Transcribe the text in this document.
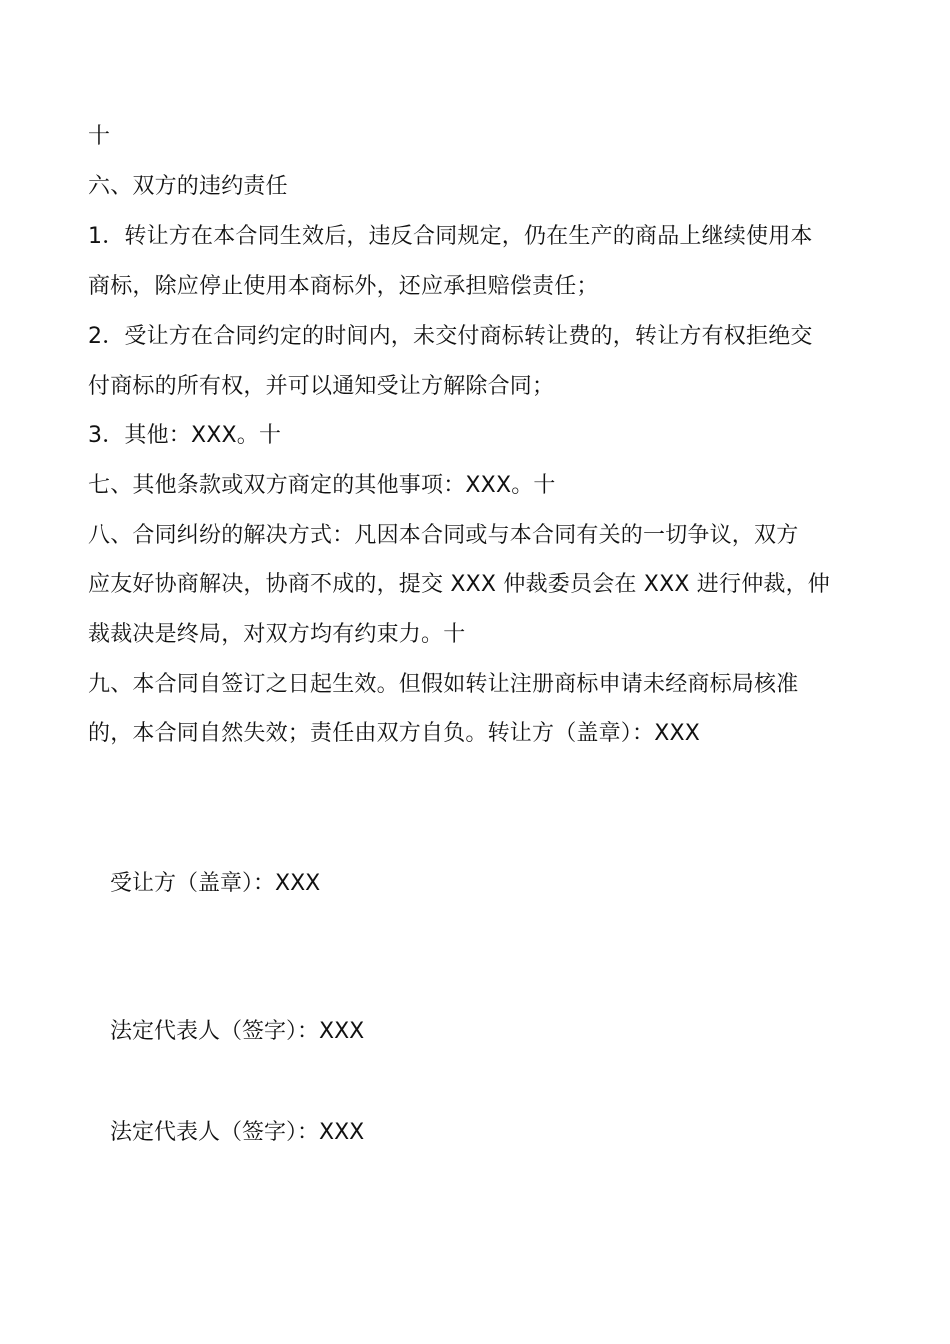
十
六、双方的违约责任
1．转让方在本合同生效后，违反合同规定，仍在生产的商品上继续使用本
商标，除应停止使用本商标外，还应承担赔偿责任；
2．受让方在合同约定的时间内，未交付商标转让费的，转让方有权拒绝交
付商标的所有权，并可以通知受让方解除合同；
3．其他：XXX。十
七、其他条款或双方商定的其他事项：XXX。十
八、合同纠纷的解决方式：凡因本合同或与本合同有关的一切争议，双方
应友好协商解决，协商不成的，提交 XXX 仲裁委员会在 XXX 进行仲裁，仲
裁裁决是终局，对双方均有约束力。十
九、本合同自签订之日起生效。但假如转让注册商标申请未经商标局核准
的，本合同自然失效；责任由双方自负。转让方（盖章）：XXX
受让方（盖章）：XXX
法定代表人（签字）：XXX
法定代表人（签字）：XXX
